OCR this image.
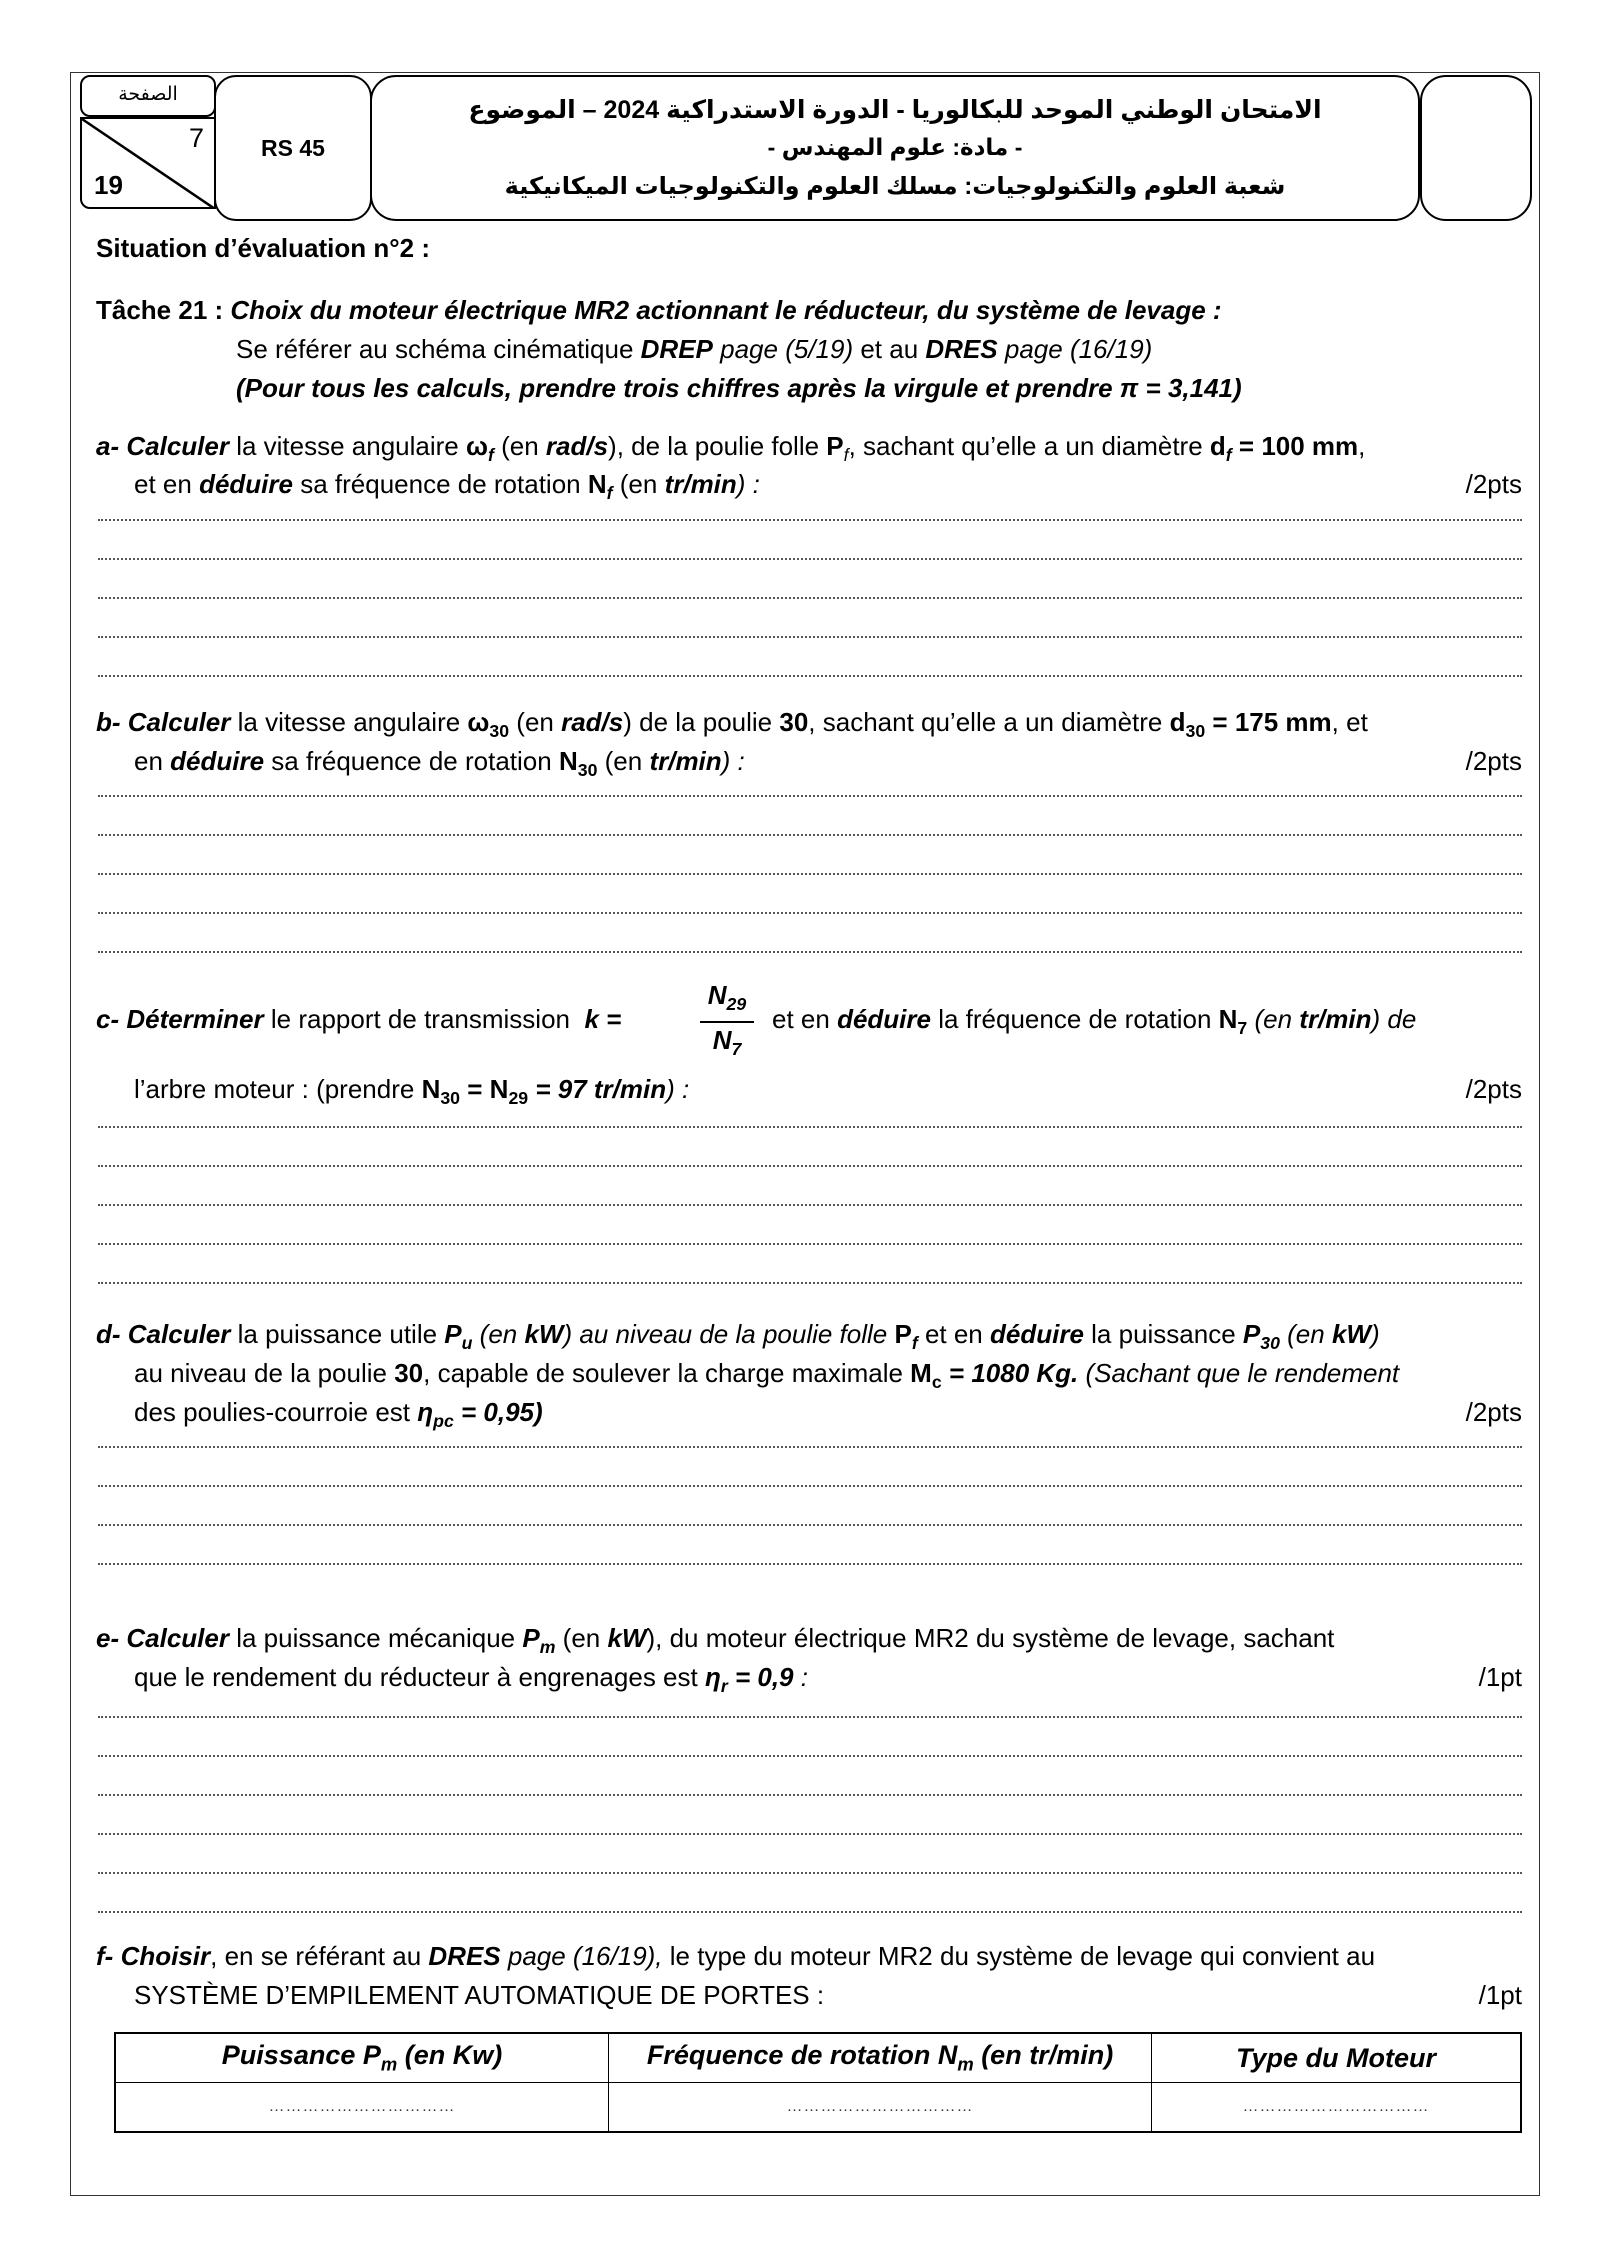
الصفحة
7
19
RS 45
الامتحان الوطني الموحد للبكالوريا - الدورة الاستدراكية 2024 – الموضوع
- مادة: علوم المهندس -
شعبة العلوم والتكنولوجيات: مسلك العلوم والتكنولوجيات الميكانيكية
Situation d’évaluation n°2 :
Tâche 21 : Choix du moteur électrique MR2 actionnant le réducteur, du système de levage :
Se référer au schéma cinématique DREP page (5/19) et au DRES page (16/19)
(Pour tous les calculs, prendre trois chiffres après la virgule et prendre π = 3,141)
a- Calculer la vitesse angulaire $\omega_f$ (en rad/s), de la poulie folle $P_f$, sachant qu’elle a un diamètre $d_f = 100$ mm,
et en déduire sa fréquence de rotation $N_f$ (en tr/min) :	/2pts
b- Calculer la vitesse angulaire $\omega_{30}$ (en rad/s) de la poulie 30, sachant qu’elle a un diamètre $d_{30} = 175$ mm, et
en déduire sa fréquence de rotation $N_{30}$ (en tr/min) :	/2pts
c- Déterminer le rapport de transmission  k =
$N_{29}$
$N_7$
et en déduire la fréquence de rotation $N_7$ (en tr/min) de
l’arbre moteur : (prendre $N_{30} = N_{29} = 97$ tr/min) :	/2pts
d- Calculer la puissance utile $P_u$ (en kW) au niveau de la poulie folle $P_f$ et en déduire la puissance $P_{30}$ (en kW)
au niveau de la poulie 30, capable de soulever la charge maximale $M_c = 1080$ Kg. (Sachant que le rendement
des poulies-courroie est $\eta_{pc} = 0,95$)	/2pts
e- Calculer la puissance mécanique $P_m$ (en kW), du moteur électrique MR2 du système de levage, sachant
que le rendement du réducteur à engrenages est $\eta_r = 0,9$ :	/1pt
f- Choisir, en se référant au DRES page (16/19), le type du moteur MR2 du système de levage qui convient au
SYSTÈME D’EMPILEMENT AUTOMATIQUE DE PORTES :	/1pt
Puissance $P_m$ (en Kw)	Fréquence de rotation $N_m$ (en tr/min)	Type du Moteur
……………………………	……………………………	……………………………
